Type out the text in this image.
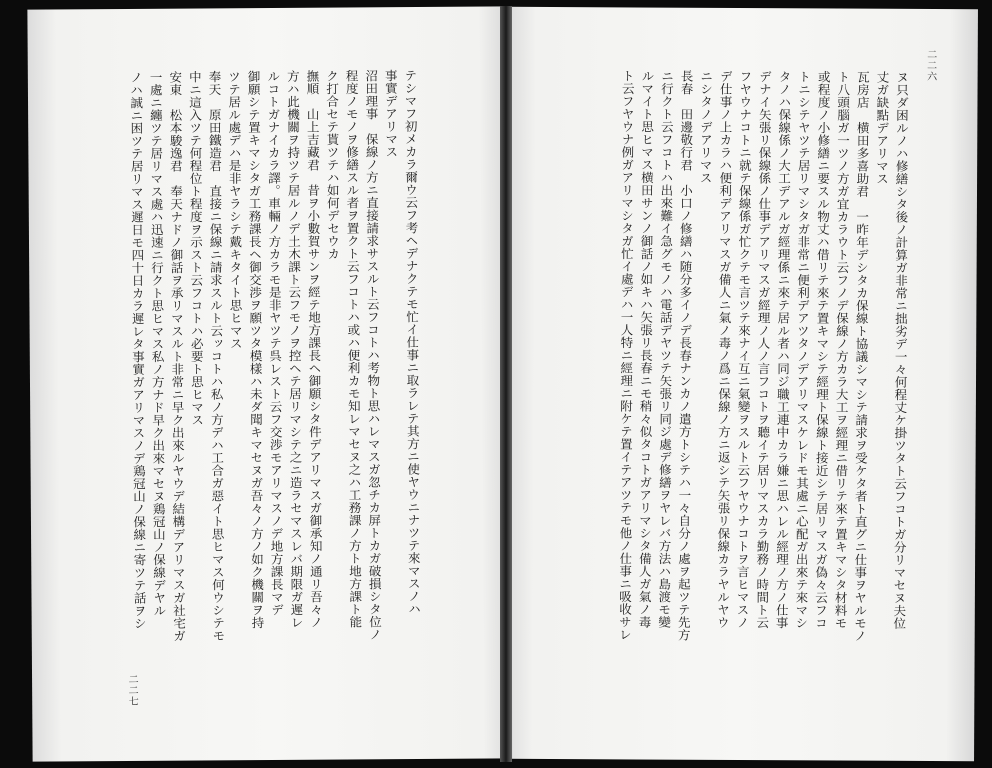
二二六
ヌ只ダ困ルノハ修繕シタ後ノ計算ガ非常ニ拙劣デ一々何程丈ケ掛ツタト云フコトガ分リマセヌ夫位
丈ガ缺點デアリマス
瓦房店　横田多喜助君　一昨年デシタカ保線ト協議シマシテ請求ヲ受ケタ者ト直グニ仕事ヲヤルモノ
ト八頭腦ガ一ツノ方ガ宜カラウト云フノデ保線ノ方カラ大工ヲ經理ニ借リテ來テ置キマシタ材料モ
或程度ノ小修繕ニ要スル物丈ハ借リテ來テ置キマシテ經理ト保線ト接近シテ居リマスガ偽々云フコ
トニシテヤツテ居リマシタガ非常ニ便利デアツタノデアリマスケレドモ其處ニ心配ガ出來テ來マシ
タノハ保線係ノ大工デアルガ經理係ニ來テ居ル者ハ同ジ職工連中カラ嫌ニ思ハレル經理ノ方ノ仕事
デナイ矢張リ保線係ノ仕事デアリマスガ經理ノ人ノ言フコトヲ聽イテ居リマスカラ勤務ノ時間ト云
フヤウナコトニ就テ保線係ガ忙クテモ言ツテ來ナイ互ニ氣變ヲスルト云フヤウナコトヲ言ヒマスノ
デ仕事ノ上カラハ便利デアリマスガ備人ニ氣ノ毒ノ爲ニ保線ノ方ニ返シテ矢張リ保線カラヤルヤウ
ニシタノデアリマス
長春　田邊敬行君　小口ノ修繕ハ随分多イノデ長春ナンカノ遣方トシテハ一々自分ノ處ヲ起ツテ先方
ニ行クト云フコトハ出來難イ急グモノハ電話デヤツテ矢張リ同ジ處デ修繕ヲヤレバ方法ハ島渡モ變
ルマイト思ヒマス横田サンノ御話ノ如キハ矢張リ長春ニモ稍々似タコトガアリマシタ備人ガ氣ノ毒
ト云フヤウナ例ガアリマシタガ忙イ處デハ一人特ニ經理ニ附ケテ置イテアツテモ他ノ仕事ニ吸收サレ
二二七
テシマフ初メカラ爾ウ云フ考ヘデナクテモ忙イ仕事ニ取ラレテ其方ニ使ヤウニナツテ來マスノハ
事實デアリマス
沼田理事　保線ノ方ニ直接請求サスルト云フコトハ考物ト思ハレマスガ忽チカ屏トカガ破損シタ位ノ
程度ノモノヲ修繕スル者ヲ置クト云フコトハ或ハ便利カモ知レマセヌ之ハ工務課ノ方ト地方課ト能
ク打合セテ貰ツテハ如何デセウカ
撫順　山上吉藏君　昔ヲ小數賀サンヲ經テ地方課長ヘ御願シタ件デアリマスガ御承知ノ通リ吾々ノ
方ハ此機關ヲ持ツテ居ルノデ土木課ト云フモノヲ控ヘテ居リマシテ之ニ造ラセマスレバ期限ガ遲レ
ルコトガナイカラ譯。車輛ノ方カラモ是非ヤツテ呉レスト云フ交渉モアリマスノデ地方課長マデ
御願シテ置キマシタガ工務課長ヘ御交渉ヲ願ツタ模樣ハ未ダ聞キマセヌガ吾々ノ方ノ如ク機關ヲ持
ツテ居ル處デハ是非ヤラシテ戴キタイト思ヒマス
奉天　原田鐵造君　直接ニ保線ニ請求スルト云ッコトハ私ノ方デハ工合ガ惡イト思ヒマス何ウシテモ
中ニ這入ツテ何程位ト程度ヲ示スト云フコトハ必要ト思ヒマス
安東　松本駿逸君　奉天ナドノ御話ヲ承リマスルト非常ニ早ク出來ルヤウデ結構デアリマスガ社宅ガ
一處ニ纏ツテ居リマス處ハ迅速ニ行クト思ヒマス私ノ方ナド早ク出來マセヌ鶏冠山ノ保線デヤル
ノハ誠ニ困ツテ居リマス遲日モ四十日カラ遲レタ事實ガアリマスノデ鶏冠山ノ保線ニ寄ツテ話ヲシ
